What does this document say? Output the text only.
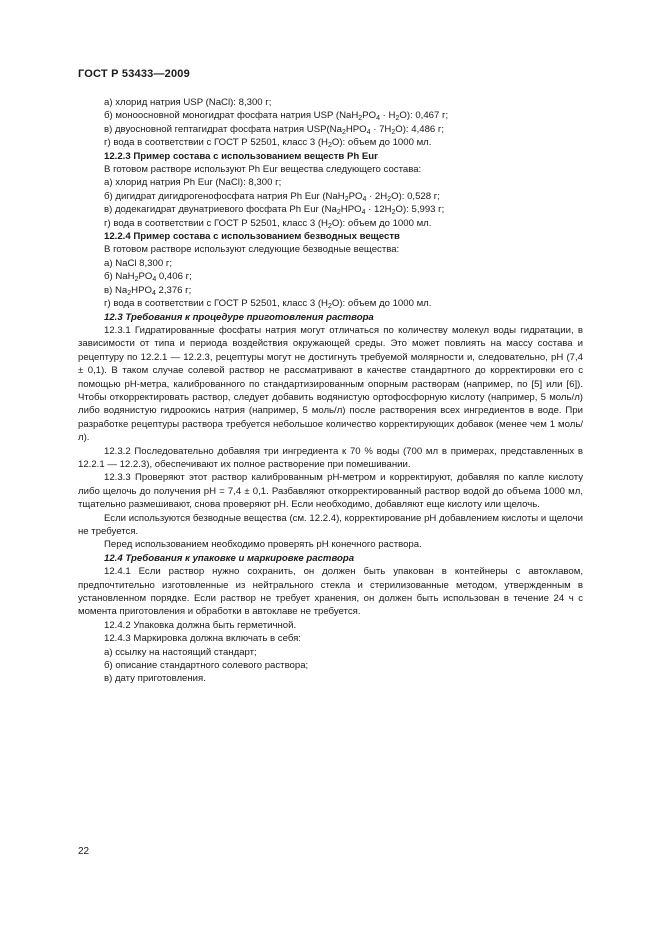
ГОСТ Р 53433—2009
а) хлорид натрия USP (NaCl): 8,300 г;
б) моноосновной моногидрат фосфата натрия USP $(NaH_2PO_4 \cdot H_2O)$: 0,467 г;
в) двуосновной гептагидрат фосфата натрия $USP(Na_2HPO_4 \cdot 7H_2O)$: 4,486 г;
г) вода в соответствии с ГОСТ Р 52501, класс 3 $(H_2O)$: объем до 1000 мл.
12.2.3 Пример состава с использованием веществ Ph Eur
В готовом растворе используют Ph Eur вещества следующего состава:
а) хлорид натрия Ph Eur (NaCl): 8,300 г;
б) дигидрат дигидрогенофосфата натрия Ph Eur $(NaH_2PO_4 \cdot 2H_2O)$: 0,528 г;
в) додекагидрат двунатриевого фосфата Ph Eur $(Na_2HPO_4 \cdot 12H_2O)$: 5,993 г;
г) вода в соответствии с ГОСТ Р 52501, класс 3 $(H_2O)$: объем до 1000 мл.
12.2.4 Пример состава с использованием безводных веществ
В готовом растворе используют следующие безводные вещества:
а) NaCl 8,300 г;
б) $NaH_2PO_4$ 0,406 г;
в) $Na_2HPO_4$ 2,376 г;
г) вода в соответствии с ГОСТ Р 52501, класс 3 $(H_2O)$: объем до 1000 мл.
12.3 Требования к процедуре приготовления раствора

12.3.1 Гидратированные фосфаты натрия могут отличаться по количеству молекул воды гидратации, в зависимости от типа и периода воздействия окружающей среды. Это может повлиять на массу состава и рецептуру по 12.2.1 — 12.2.3, рецептуры могут не достигнуть требуемой молярности и, следовательно, pH (7,4 ± 0,1). В таком случае солевой раствор не рассматривают в качестве стандартного до корректировки его с помощью pH-метра, калиброванного по стандартизированным опорным растворам (например, по [5] или [6]). Чтобы откорректировать раствор, следует добавить водянистую ортофосфорную кислоту (например, 5 моль/л) либо водянистую гидроокись натрия (например, 5 моль/л) после растворения всех ингредиентов в воде. При разработке рецептуры раствора требуется небольшое количество корректирующих добавок (менее чем 1 моль/л).

12.3.2 Последовательно добавляя три ингредиента к 70 % воды (700 мл в примерах, представленных в 12.2.1 — 12.2.3), обеспечивают их полное растворение при помешивании.

12.3.3 Проверяют этот раствор калиброванным pH-метром и корректируют, добавляя по капле кислоту либо щелочь до получения pH = 7,4 ± 0,1. Разбавляют откорректированный раствор водой до объема 1000 мл, тщательно размешивают, снова проверяют pH. Если необходимо, добавляют еще кислоту или щелочь.

Если используются безводные вещества (см. 12.2.4), корректирование pH добавлением кислоты и щелочи не требуется.

Перед использованием необходимо проверять pH конечного раствора.

12.4 Требования к упаковке и маркировке раствора

12.4.1 Если раствор нужно сохранить, он должен быть упакован в контейнеры с автоклавом, предпочтительно изготовленные из нейтрального стекла и стерилизованные методом, утвержденным в установленном порядке. Если раствор не требует хранения, он должен быть использован в течение 24 ч с момента приготовления и обработки в автоклаве не требуется.

12.4.2 Упаковка должна быть герметичной.
12.4.3 Маркировка должна включать в себя:
а) ссылку на настоящий стандарт;
б) описание стандартного солевого раствора;
в) дату приготовления.
22
